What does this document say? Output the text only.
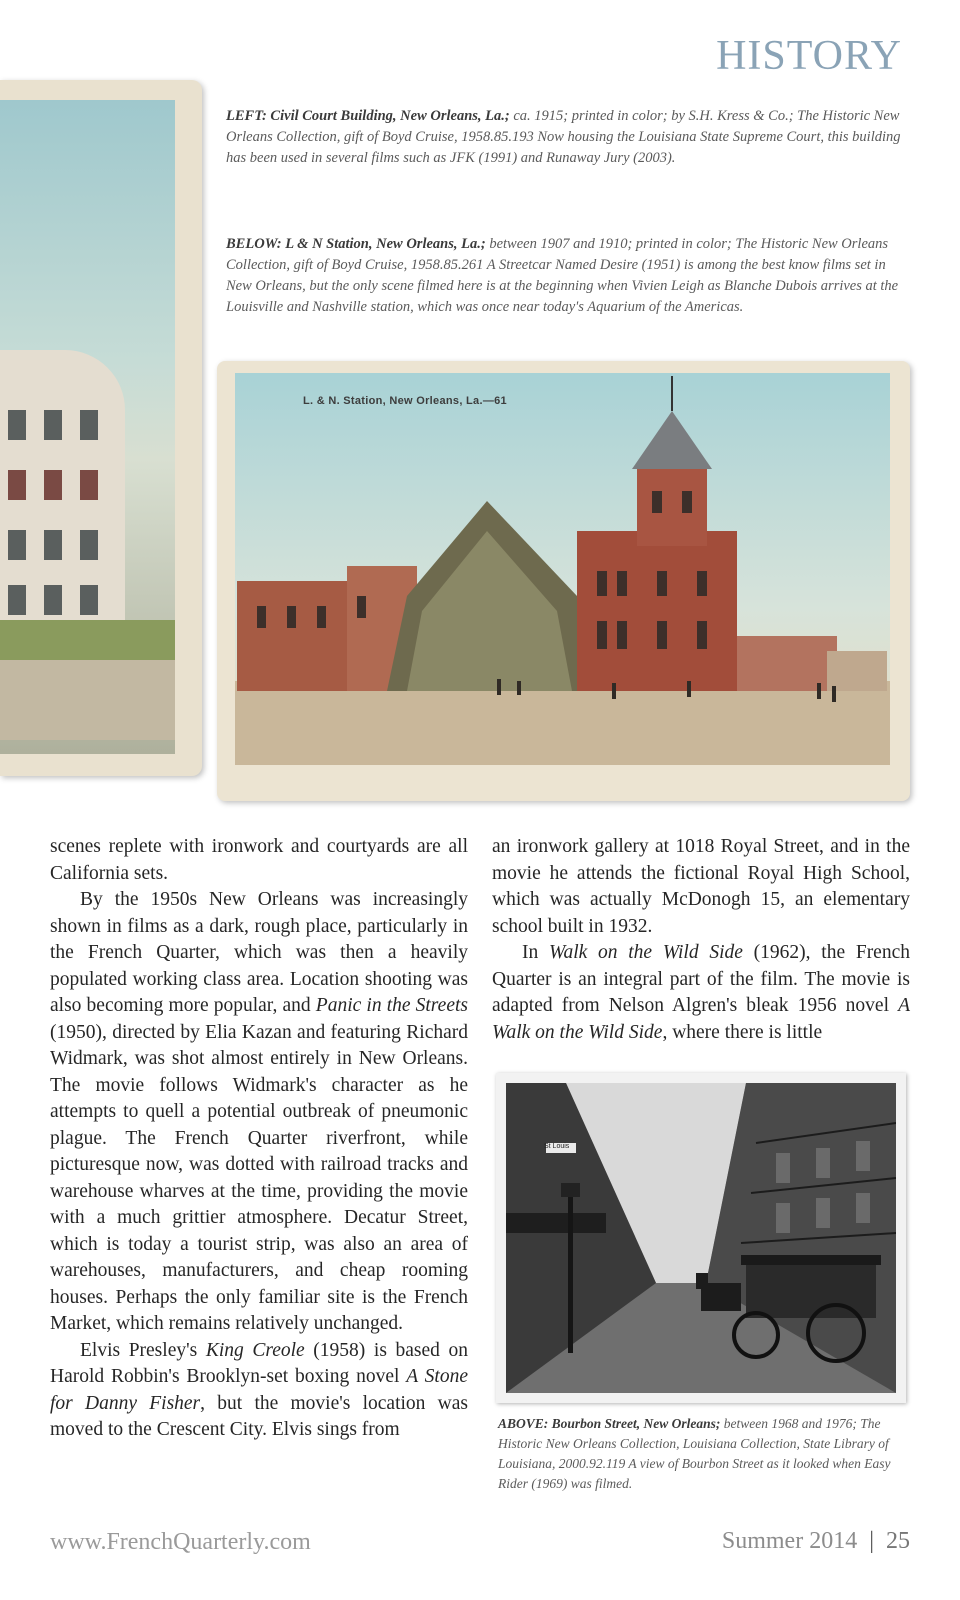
HISTORY
LEFT: Civil Court Building, New Orleans, La.; ca. 1915; printed in color; by S.H. Kress & Co.; The Historic New Orleans Collection, gift of Boyd Cruise, 1958.85.193 Now housing the Louisiana State Supreme Court, this building has been used in several films such as JFK (1991) and Runaway Jury (2003).
BELOW: L & N Station, New Orleans, La.; between 1907 and 1910; printed in color; The Historic New Orleans Collection, gift of Boyd Cruise, 1958.85.261 A Streetcar Named Desire (1951) is among the best know films set in New Orleans, but the only scene filmed here is at the beginning when Vivien Leigh as Blanche Dubois arrives at the Louisville and Nashville station, which was once near today's Aquarium of the Americas.
L. & N. Station, New Orleans, La.—61

scenes replete with ironwork and courtyards are all California sets.

By the 1950s New Orleans was increasingly shown in films as a dark, rough place, particularly in the French Quarter, which was then a heavily populated working class area. Location shooting was also becoming more popular, and Panic in the Streets (1950), directed by Elia Kazan and featuring Richard Widmark, was shot almost entirely in New Orleans. The movie follows Widmark's character as he attempts to quell a potential outbreak of pneumonic plague. The French Quarter riverfront, while picturesque now, was dotted with railroad tracks and warehouse wharves at the time, providing the movie with a much grittier atmosphere. Decatur Street, which is today a tourist strip, was also an area of warehouses, manufacturers, and cheap rooming houses. Perhaps the only familiar site is the French Market, which remains relatively unchanged.

Elvis Presley's King Creole (1958) is based on Harold Robbin's Brooklyn-set boxing novel A Stone for Danny Fisher, but the movie's location was moved to the Crescent City. Elvis sings from

an ironwork gallery at 1018 Royal Street, and in the movie he attends the fictional Royal High School, which was actually McDonogh 15, an elementary school built in 1932.

In Walk on the Wild Side (1962), the French Quarter is an integral part of the film. The movie is adapted from Nelson Algren's bleak 1956 novel A Walk on the Wild Side, where there is little

St Louis
ABOVE: Bourbon Street, New Orleans; between 1968 and 1976; The Historic New Orleans Collection, Louisiana Collection, State Library of Louisiana, 2000.92.119 A view of Bourbon Street as it looked when Easy Rider (1969) was filmed.
www.FrenchQuarterly.com	Summer 2014 | 25
